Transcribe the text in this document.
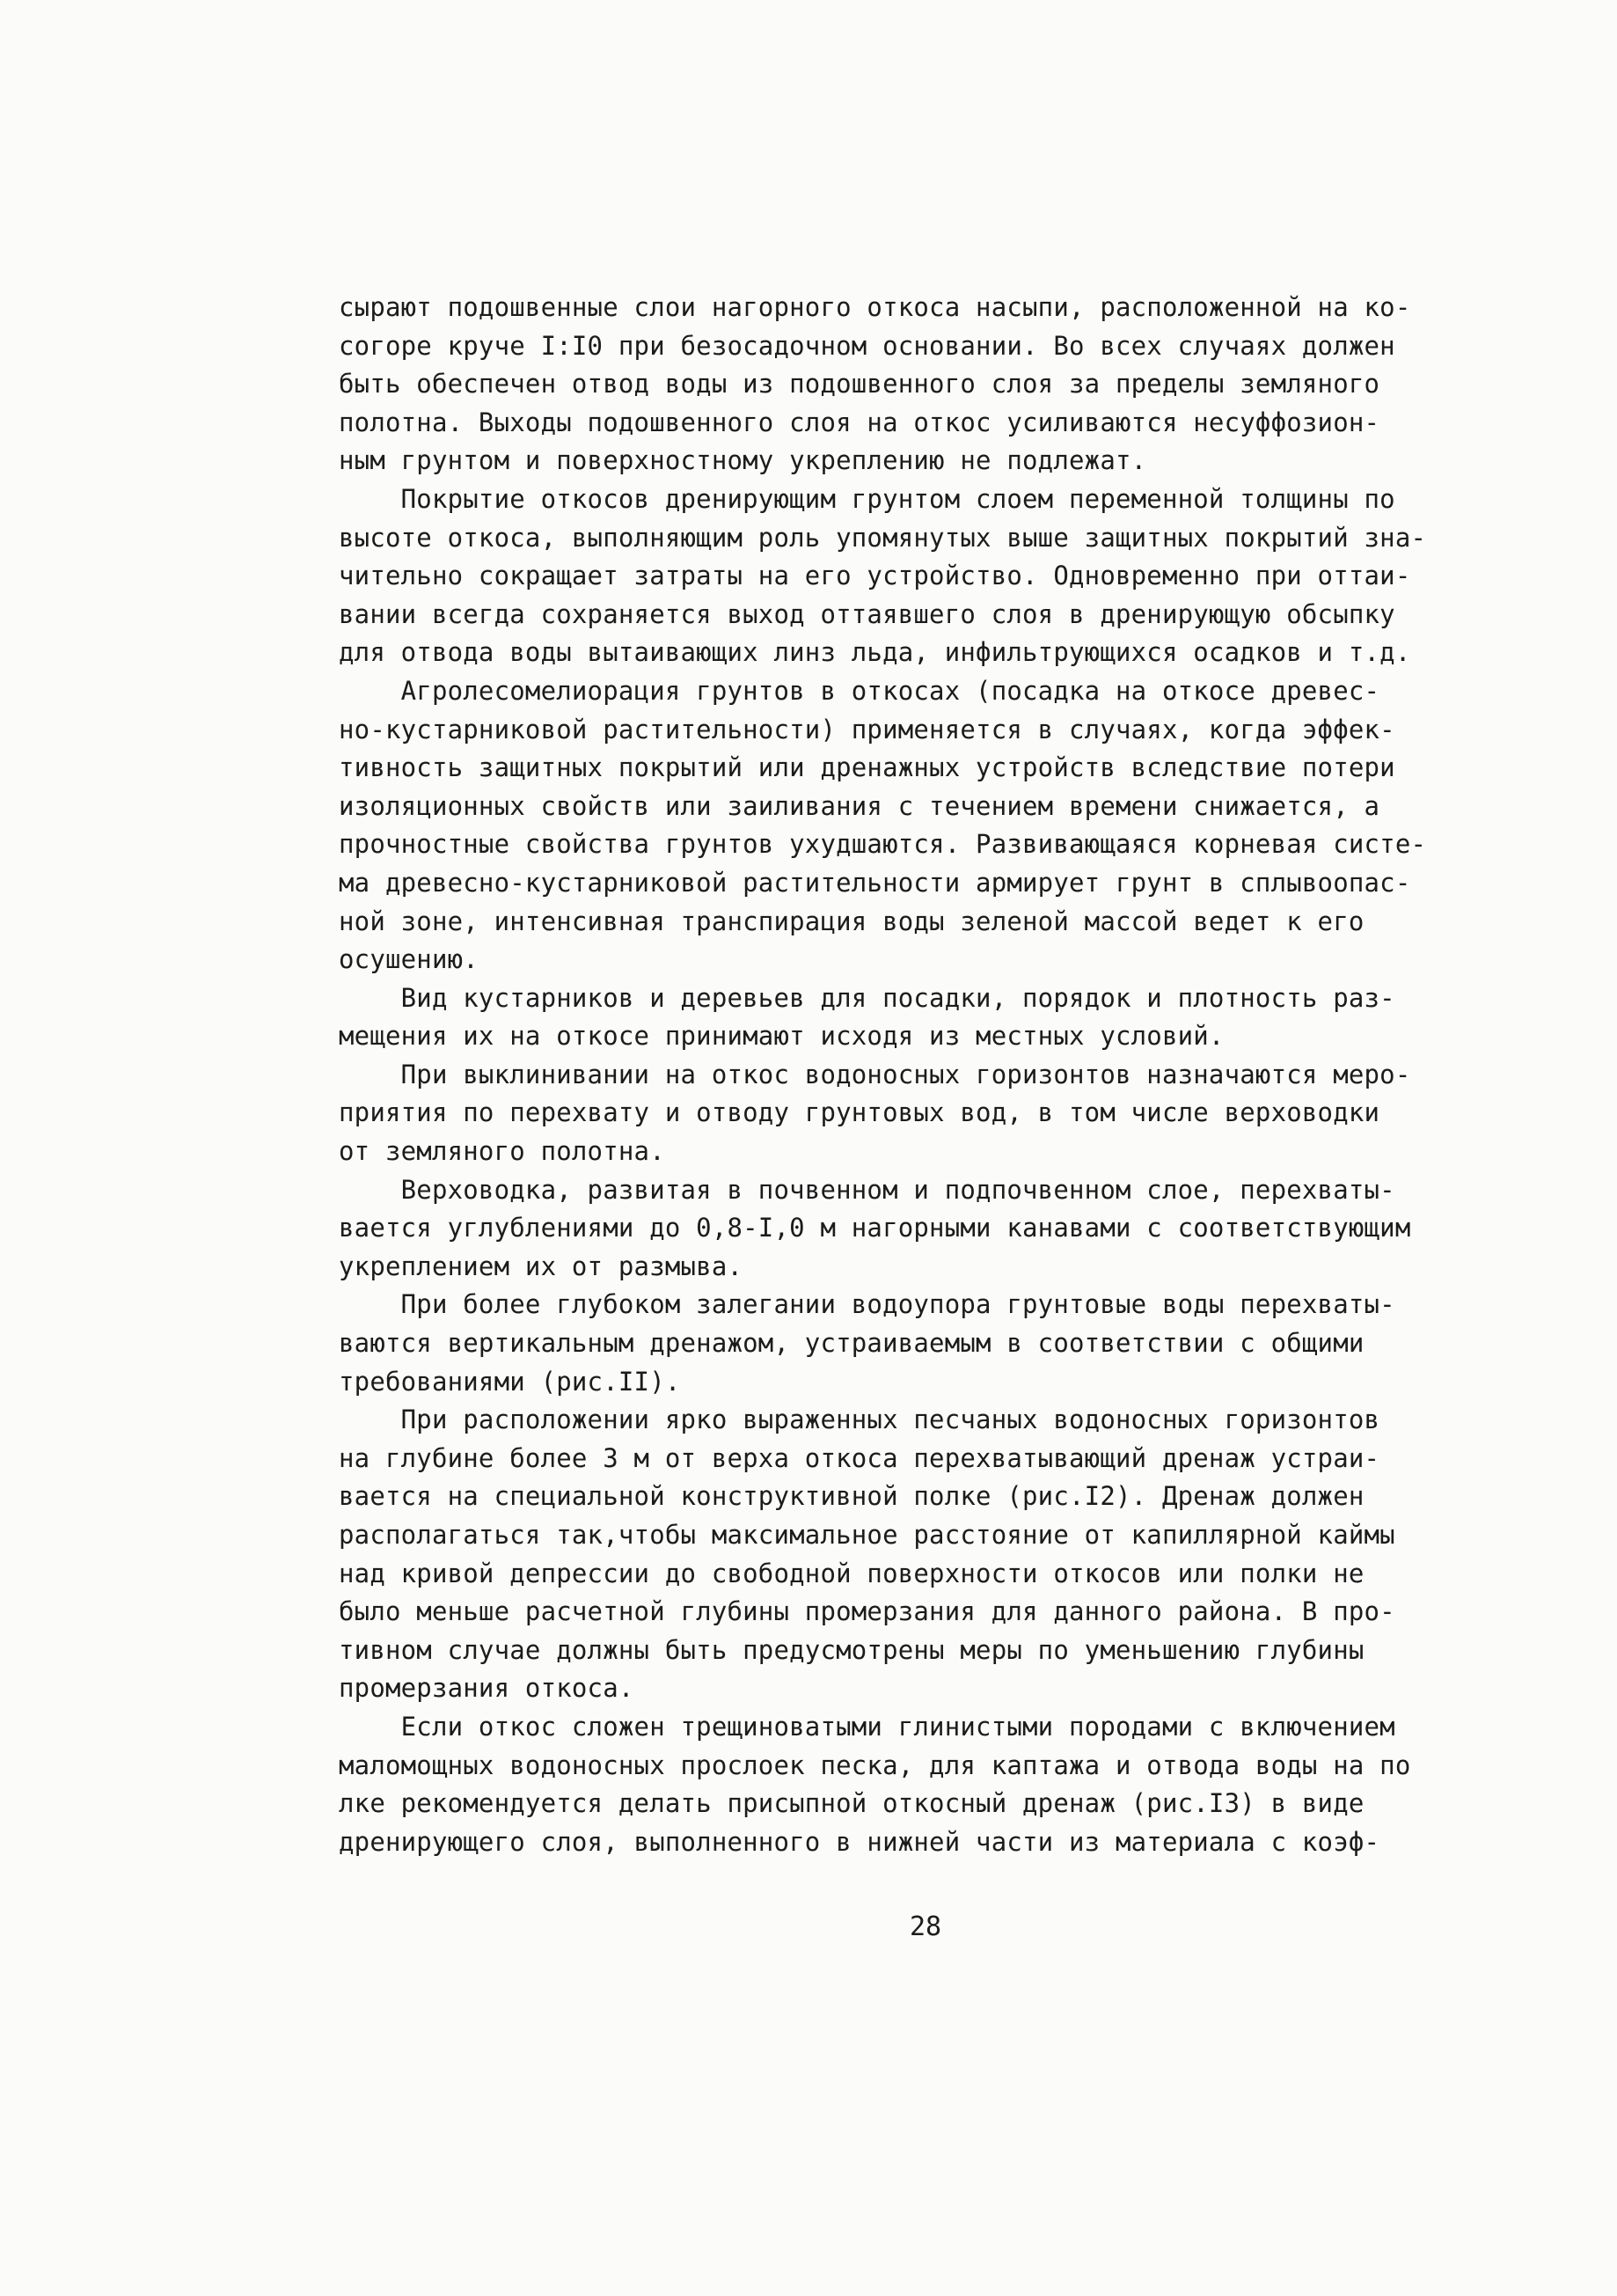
сырают подошвенные слои нагорного откоса насыпи, расположенной на ко-
согоре круче I:I0 при безосадочном основании. Во всех случаях должен
быть обеспечен отвод воды из подошвенного слоя за пределы земляного
полотна. Выходы подошвенного слоя на откос усиливаются несуффозион-
ным грунтом и поверхностному укреплению не подлежат.
Покрытие откосов дренирующим грунтом слоем переменной толщины по
высоте откоса, выполняющим роль упомянутых выше защитных покрытий зна-
чительно сокращает затраты на его устройство. Одновременно при оттаи-
вании всегда сохраняется выход оттаявшего слоя в дренирующую обсыпку
для отвода воды вытаивающих линз льда, инфильтрующихся осадков и т.д.
Агролесомелиорация грунтов в откосах (посадка на откосе древес-
но-кустарниковой растительности) применяется в случаях, когда эффек-
тивность защитных покрытий или дренажных устройств вследствие потери
изоляционных свойств или заиливания с течением времени снижается, а
прочностные свойства грунтов ухудшаются. Развивающаяся корневая систе-
ма древесно-кустарниковой растительности армирует грунт в сплывоопас-
ной зоне, интенсивная транспирация воды зеленой массой ведет к его
осушению.
Вид кустарников и деревьев для посадки, порядок и плотность раз-
мещения их на откосе принимают исходя из местных условий.
При выклинивании на откос водоносных горизонтов назначаются меро-
приятия по перехвату и отводу грунтовых вод, в том числе верховодки
от земляного полотна.
Верховодка, развитая в почвенном и подпочвенном слое, перехваты-
вается углублениями до 0,8-I,0 м нагорными канавами с соответствующим
укреплением их от размыва.
При более глубоком залегании водоупора грунтовые воды перехваты-
ваются вертикальным дренажом, устраиваемым в соответствии с общими
требованиями (рис.II).
При расположении ярко выраженных песчаных водоносных горизонтов
на глубине более 3 м от верха откоса перехватывающий дренаж устраи-
вается на специальной конструктивной полке (рис.I2). Дренаж должен
располагаться так,чтобы максимальное расстояние от капиллярной каймы
над кривой депрессии до свободной поверхности откосов или полки не
было меньше расчетной глубины промерзания для данного района. В про-
тивном случае должны быть предусмотрены меры по уменьшению глубины
промерзания откоса.
Если откос сложен трещиноватыми глинистыми породами с включением
маломощных водоносных прослоек песка, для каптажа и отвода воды на по
лке рекомендуется делать присыпной откосный дренаж (рис.I3) в виде
дренирующего слоя, выполненного в нижней части из материала с коэф-
28
